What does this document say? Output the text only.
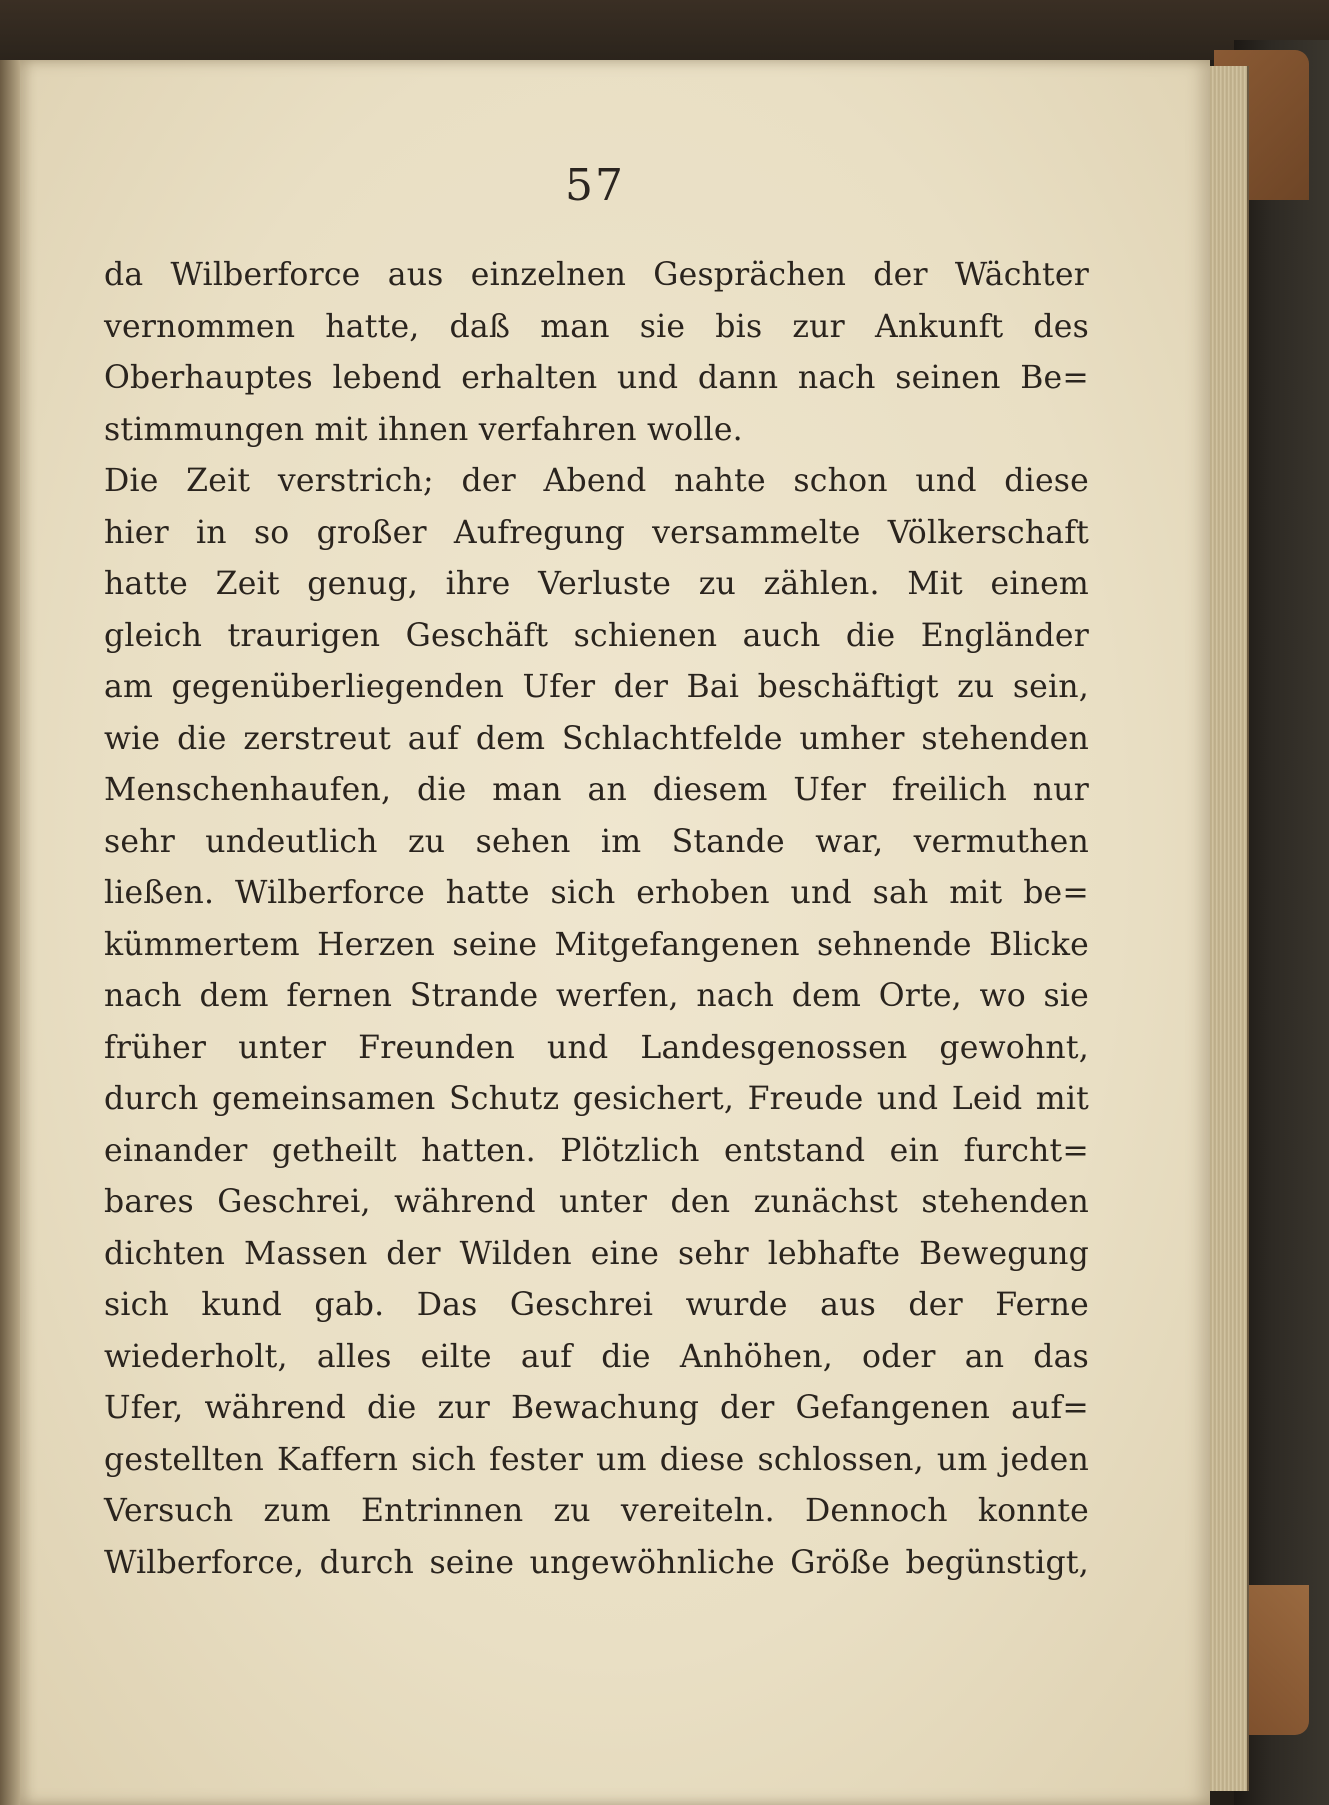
57
da Wilberforce aus einzelnen Gesprächen der Wächter
vernommen hatte, daß man sie bis zur Ankunft des
Oberhauptes lebend erhalten und dann nach seinen Be=
stimmungen mit ihnen verfahren wolle.
Die Zeit verstrich; der Abend nahte schon und diese
hier in so großer Aufregung versammelte Völkerschaft
hatte Zeit genug, ihre Verluste zu zählen. Mit einem
gleich traurigen Geschäft schienen auch die Engländer
am gegenüberliegenden Ufer der Bai beschäftigt zu sein,
wie die zerstreut auf dem Schlachtfelde umher stehenden
Menschenhaufen, die man an diesem Ufer freilich nur
sehr undeutlich zu sehen im Stande war, vermuthen
ließen. Wilberforce hatte sich erhoben und sah mit be=
kümmertem Herzen seine Mitgefangenen sehnende Blicke
nach dem fernen Strande werfen, nach dem Orte, wo sie
früher unter Freunden und Landesgenossen gewohnt,
durch gemeinsamen Schutz gesichert, Freude und Leid mit
einander getheilt hatten. Plötzlich entstand ein furcht=
bares Geschrei, während unter den zunächst stehenden
dichten Massen der Wilden eine sehr lebhafte Bewegung
sich kund gab. Das Geschrei wurde aus der Ferne
wiederholt, alles eilte auf die Anhöhen, oder an das
Ufer, während die zur Bewachung der Gefangenen auf=
gestellten Kaffern sich fester um diese schlossen, um jeden
Versuch zum Entrinnen zu vereiteln. Dennoch konnte
Wilberforce, durch seine ungewöhnliche Größe begünstigt,
